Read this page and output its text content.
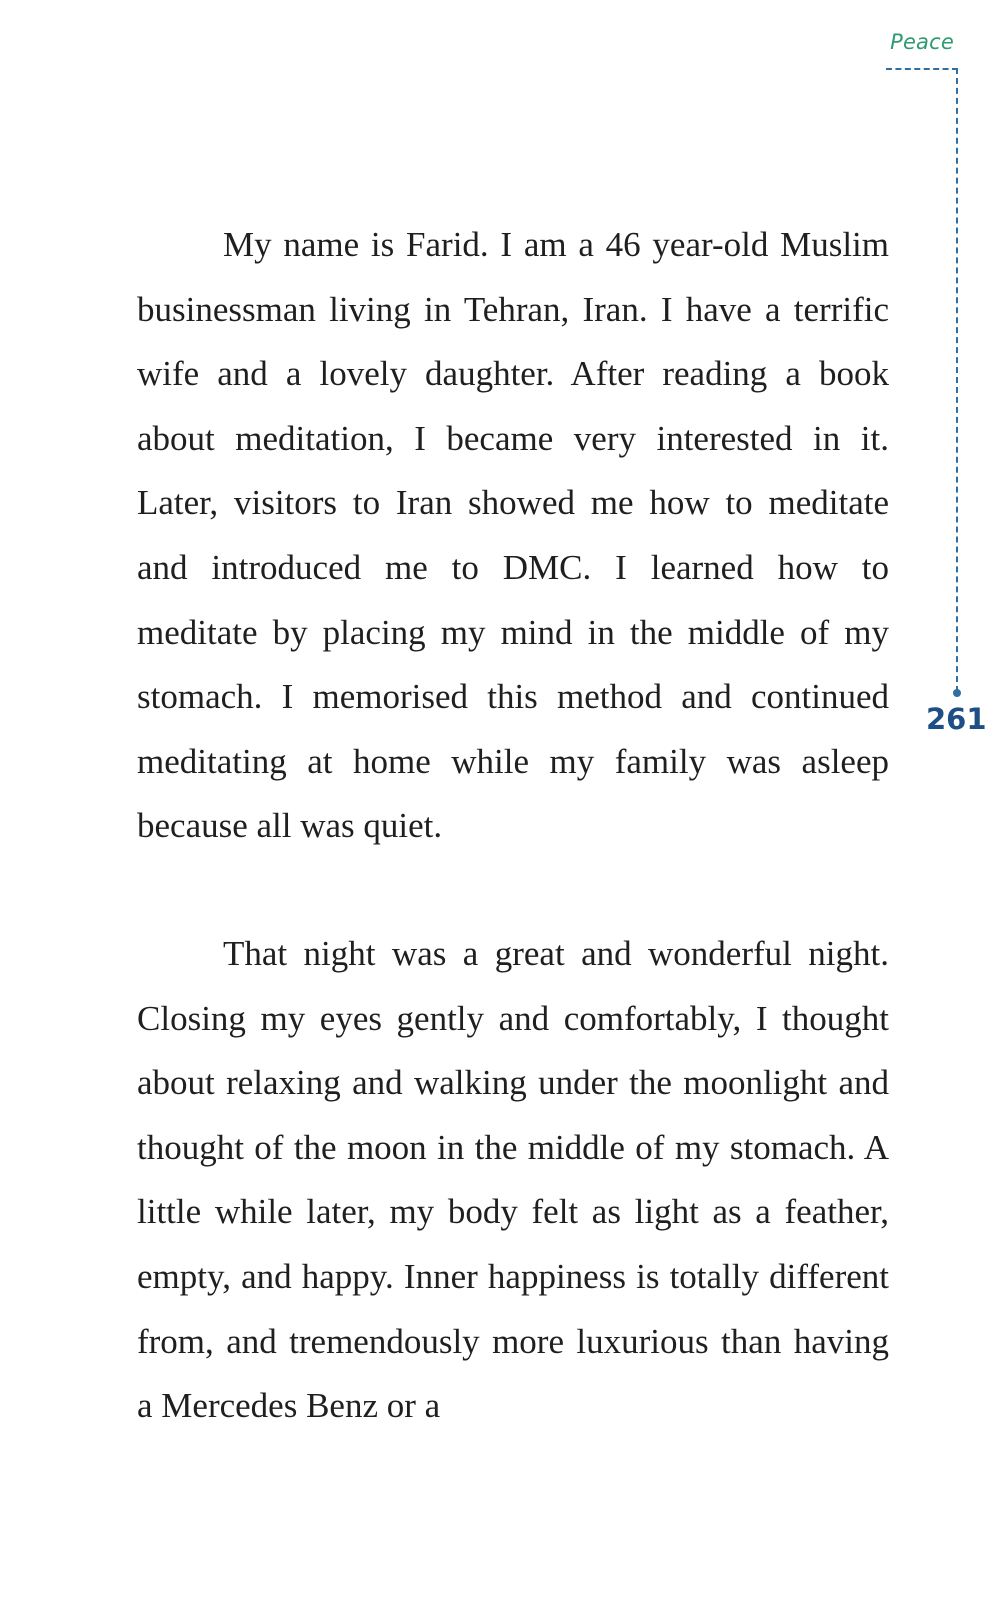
Peace
261

My name is Farid. I am a 46 year-old Muslim businessman living in Tehran, Iran. I have a terrific wife and a lovely daughter. After reading a book about meditation, I became very interested in it. Later, visitors to Iran showed me how to meditate and introduced me to DMC. I learned how to meditate by placing my mind in the middle of my stomach. I memorised this method and continued meditating at home while my family was asleep because all was quiet.

That night was a great and wonderful night. Closing my eyes gently and comfortably, I thought about relaxing and walking under the moonlight and thought of the moon in the middle of my stomach. A little while later, my body felt as light as a feather, empty, and happy. Inner happiness is totally different from, and tremendously more luxurious than having a Mercedes Benz or a
